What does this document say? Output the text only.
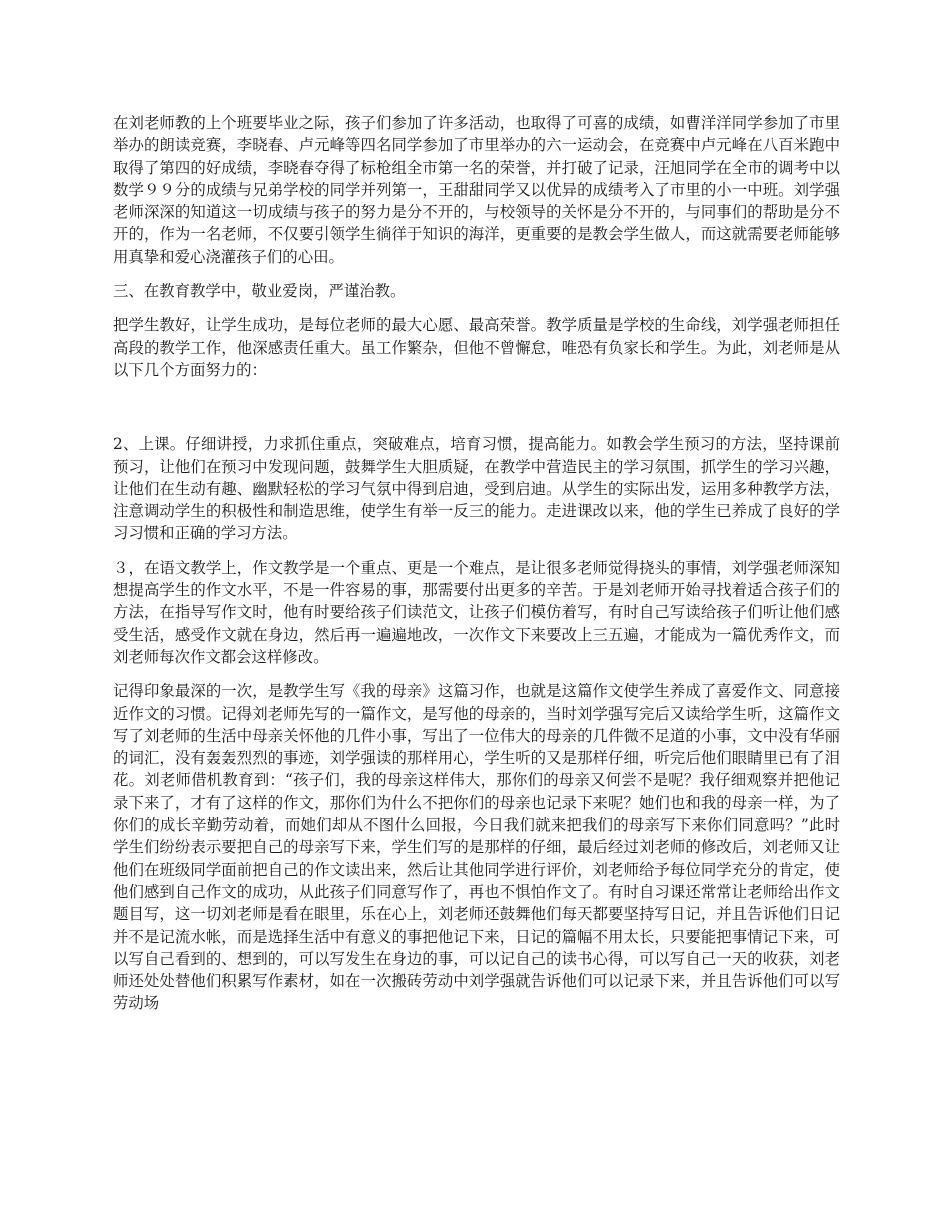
在刘老师教的上个班要毕业之际，孩子们参加了许多活动，也取得了可喜的成绩，如曹洋洋同学参加了市里举办的朗读竞赛，李晓春、卢元峰等四名同学参加了市里举办的六一运动会，在竞赛中卢元峰在八百米跑中取得了第四的好成绩，李晓春夺得了标枪组全市第一名的荣誉，并打破了记录，汪旭同学在全市的调考中以数学９９分的成绩与兄弟学校的同学并列第一，王甜甜同学又以优异的成绩考入了市里的小一中班。刘学强老师深深的知道这一切成绩与孩子的努力是分不开的，与校领导的关怀是分不开的，与同事们的帮助是分不开的，作为一名老师，不仅要引领学生徜徉于知识的海洋，更重要的是教会学生做人，而这就需要老师能够用真挚和爱心浇灌孩子们的心田。

三、在教育教学中，敬业爱岗，严谨治教。

把学生教好，让学生成功，是每位老师的最大心愿、最高荣誉。教学质量是学校的生命线，刘学强老师担任高段的教学工作，他深感责任重大。虽工作繁杂，但他不曾懈怠，唯恐有负家长和学生。为此，刘老师是从以下几个方面努力的：

2、上课。仔细讲授，力求抓住重点，突破难点，培育习惯，提高能力。如教会学生预习的方法，坚持课前预习，让他们在预习中发现问题，鼓舞学生大胆质疑，在教学中营造民主的学习氛围，抓学生的学习兴趣，让他们在生动有趣、幽默轻松的学习气氛中得到启迪，受到启迪。从学生的实际出发，运用多种教学方法，注意调动学生的积极性和制造思维，使学生有举一反三的能力。走进课改以来，他的学生已养成了良好的学习习惯和正确的学习方法。

３，在语文教学上，作文教学是一个重点、更是一个难点，是让很多老师觉得挠头的事情，刘学强老师深知想提高学生的作文水平，不是一件容易的事，那需要付出更多的辛苦。于是刘老师开始寻找着适合孩子们的方法，在指导写作文时，他有时要给孩子们读范文，让孩子们模仿着写，有时自己写读给孩子们听让他们感受生活，感受作文就在身边，然后再一遍遍地改，一次作文下来要改上三五遍，才能成为一篇优秀作文，而刘老师每次作文都会这样修改。

记得印象最深的一次，是教学生写《我的母亲》这篇习作，也就是这篇作文使学生养成了喜爱作文、同意接近作文的习惯。记得刘老师先写的一篇作文，是写他的母亲的，当时刘学强写完后又读给学生听，这篇作文写了刘老师的生活中母亲关怀他的几件小事，写出了一位伟大的母亲的几件微不足道的小事，文中没有华丽的词汇，没有轰轰烈烈的事迹，刘学强读的那样用心，学生听的又是那样仔细，听完后他们眼睛里已有了泪花。刘老师借机教育到：“孩子们，我的母亲这样伟大，那你们的母亲又何尝不是呢？我仔细观察并把他记录下来了，才有了这样的作文，那你们为什么不把你们的母亲也记录下来呢？她们也和我的母亲一样，为了你们的成长辛勤劳动着，而她们却从不图什么回报，今日我们就来把我们的母亲写下来你们同意吗？”此时学生们纷纷表示要把自己的母亲写下来，学生们写的是那样的仔细，最后经过刘老师的修改后，刘老师又让他们在班级同学面前把自己的作文读出来，然后让其他同学进行评价，刘老师给予每位同学充分的肯定，使他们感到自己作文的成功，从此孩子们同意写作了，再也不惧怕作文了。有时自习课还常常让老师给出作文题目写，这一切刘老师是看在眼里，乐在心上，刘老师还鼓舞他们每天都要坚持写日记，并且告诉他们日记并不是记流水帐，而是选择生活中有意义的事把他记下来，日记的篇幅不用太长，只要能把事情记下来，可以写自己看到的、想到的，可以写发生在身边的事，可以记自己的读书心得，可以写自己一天的收获，刘老师还处处替他们积累写作素材，如在一次搬砖劳动中刘学强就告诉他们可以记录下来，并且告诉他们可以写劳动场
